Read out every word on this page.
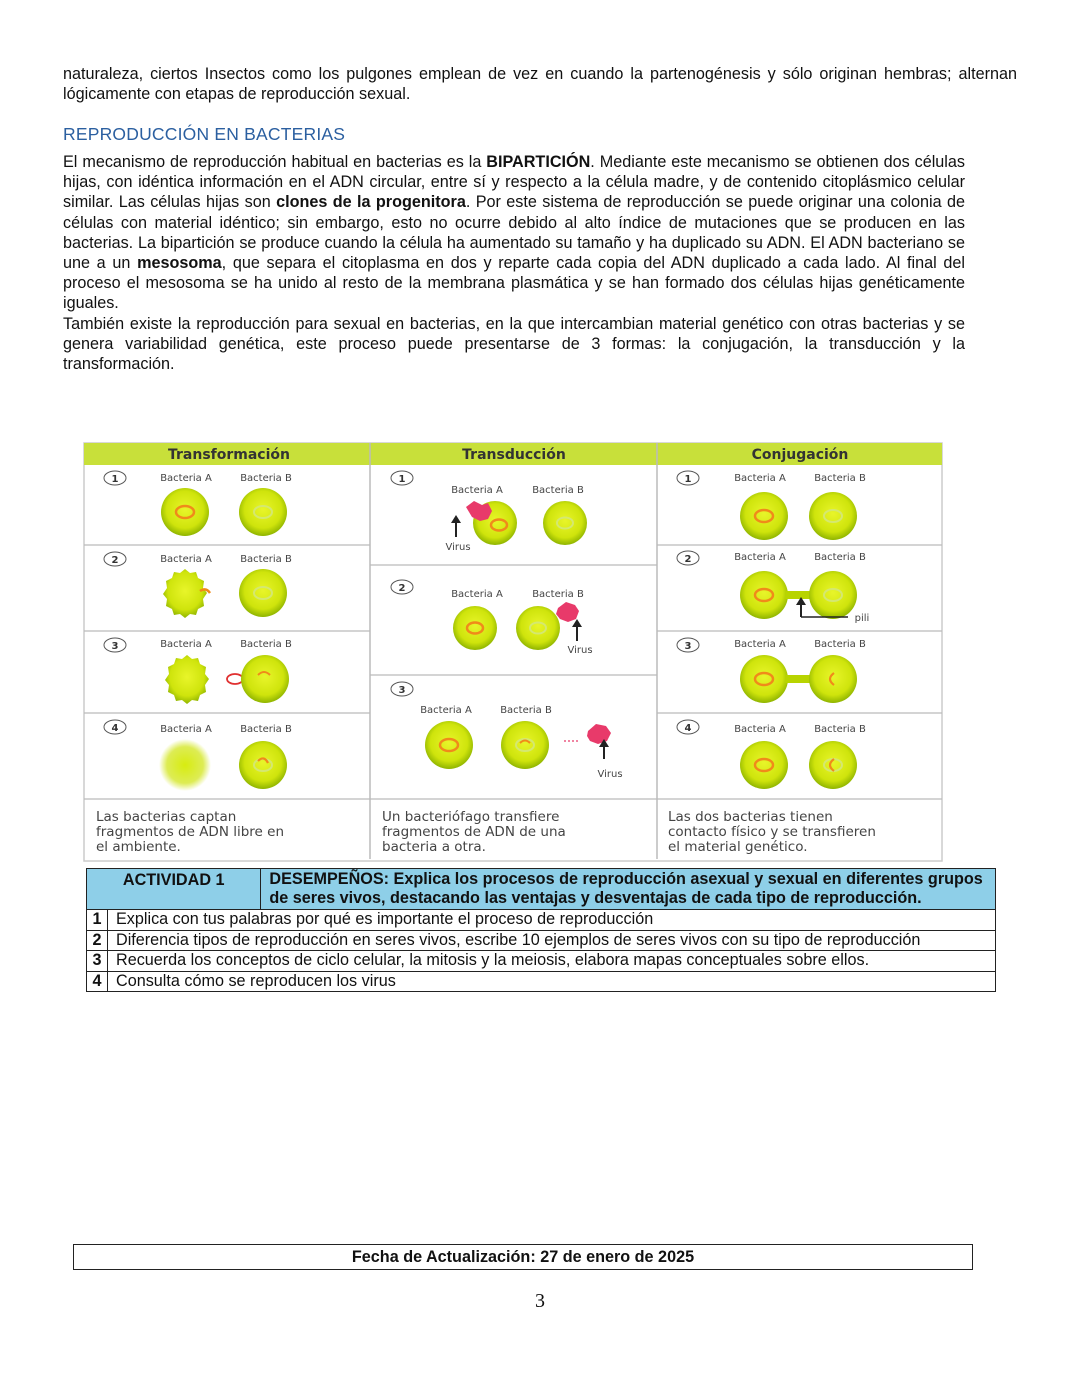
naturaleza, ciertos Insectos como los pulgones emplean de vez en cuando la partenogénesis y sólo originan hembras; alternan lógicamente con etapas de reproducción sexual.

REPRODUCCIÓN EN BACTERIAS

El mecanismo de reproducción habitual en bacterias es la BIPARTICIÓN. Mediante este mecanismo se obtienen dos células hijas, con idéntica información en el ADN circular, entre sí y respecto a la célula madre, y de contenido citoplásmico celular similar. Las células hijas son clones de la progenitora. Por este sistema de reproducción se puede originar una colonia de células con material idéntico; sin embargo, esto no ocurre debido al alto índice de mutaciones que se producen en las bacterias. La bipartición se produce cuando la célula ha aumentado su tamaño y ha duplicado su ADN. El ADN bacteriano se une a un mesosoma, que separa el citoplasma en dos y reparte cada copia del ADN duplicado a cada lado. Al final del proceso el mesosoma se ha unido al resto de la membrana plasmática y se han formado dos células hijas genéticamente iguales.
También existe la reproducción para sexual en bacterias, en la que intercambian material genético con otras bacterias y se genera variabilidad genética, este proceso puede presentarse de 3 formas: la conjugación, la transducción y la transformación.

Transformación	Transducción	Conjugación
1	Bacteria A	Bacteria B
2	Bacteria A	Bacteria B
3	Bacteria A	Bacteria B
4	Bacteria A	Bacteria B
1
Bacteria A	Bacteria B
Virus
2
Bacteria A	Bacteria B
Virus
3
Bacteria A	Bacteria B
Virus
1	Bacteria A	Bacteria B
2	Bacteria A	Bacteria B
pili
3	Bacteria A	Bacteria B
4	Bacteria A	Bacteria B
Las bacterias captan
fragmentos de ADN libre en
el ambiente.
Un bacteriófago transfiere
fragmentos de ADN de una
bacteria a otra.
Las dos bacterias tienen
contacto físico y se transfieren
el material genético.
ACTIVIDAD 1		DESEMPEÑOS: Explica los procesos de reproducción asexual y sexual en diferentes grupos de seres vivos, destacando las ventajas y desventajas de cada tipo de reproducción.
1	Explica con tus palabras por qué es importante el proceso de reproducción	
2	Diferencia tipos de reproducción en seres vivos, escribe 10 ejemplos de seres vivos con su tipo de reproducción	
3	Recuerda los conceptos de ciclo celular, la mitosis y la meiosis, elabora mapas conceptuales sobre ellos.	
4	Consulta cómo se reproducen los virus	
Fecha de Actualización: 27 de enero de 2025
3
